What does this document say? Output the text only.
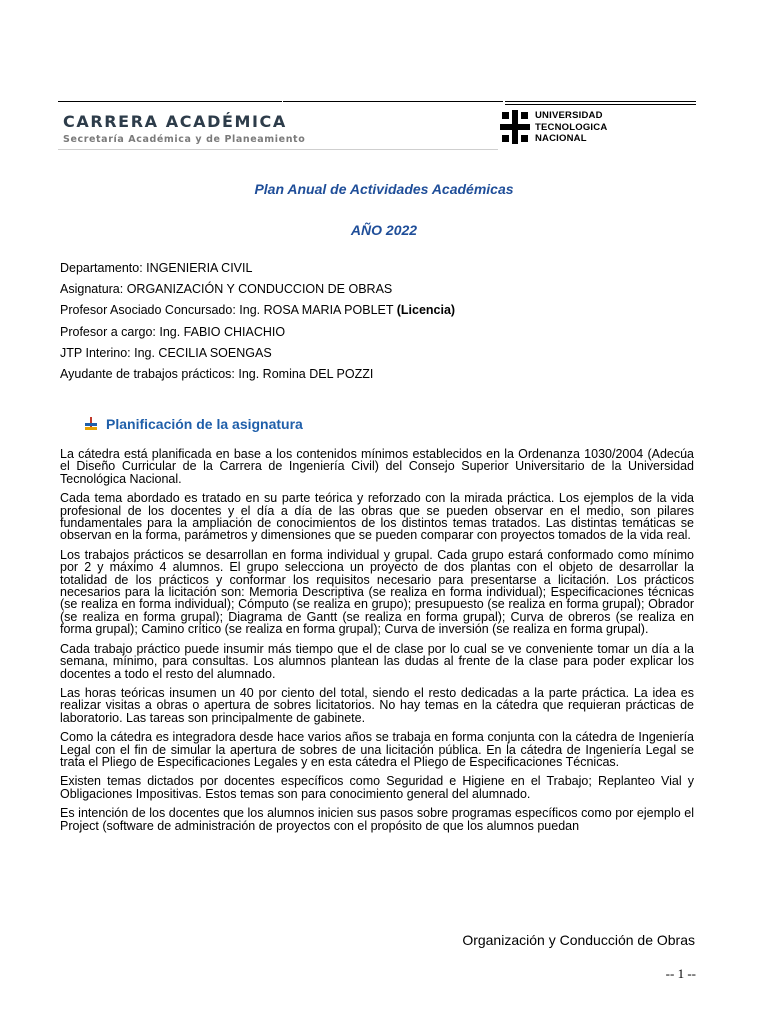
CARRERA ACADÉMICA
Secretaría Académica y de Planeamiento
UNIVERSIDAD
TECNOLOGICA
NACIONAL
Plan Anual de Actividades Académicas
AÑO 2022
Departamento: INGENIERIA CIVIL
Asignatura: ORGANIZACIÓN Y CONDUCCION DE OBRAS
Profesor Asociado Concursado: Ing. ROSA MARIA POBLET (Licencia)
Profesor a cargo: Ing. FABIO CHIACHIO
JTP Interino: Ing. CECILIA SOENGAS
Ayudante de trabajos prácticos: Ing. Romina DEL POZZI
Planificación de la asignatura

La cátedra está planificada en base a los contenidos mínimos establecidos en la Ordenanza 1030/2004 (Adecúa el Diseño Curricular de la Carrera de Ingeniería Civil) del Consejo Superior Universitario de la Universidad Tecnológica Nacional.

Cada tema abordado es tratado en su parte teórica y reforzado con la mirada práctica. Los ejemplos de la vida profesional de los docentes y el día a día de las obras que se pueden observar en el medio, son pilares fundamentales para la ampliación de conocimientos de los distintos temas tratados. Las distintas temáticas se observan en la forma, parámetros y dimensiones que se pueden comparar con proyectos tomados de la vida real.

Los trabajos prácticos se desarrollan en forma individual y grupal. Cada grupo estará conformado como mínimo por 2 y máximo 4 alumnos. El grupo selecciona un proyecto de dos plantas con el objeto de desarrollar la totalidad de los prácticos y conformar los requisitos necesario para presentarse a licitación. Los prácticos necesarios para la licitación son: Memoria Descriptiva (se realiza en forma individual); Especificaciones técnicas (se realiza en forma individual); Cómputo (se realiza en grupo); presupuesto (se realiza en forma grupal); Obrador (se realiza en forma grupal); Diagrama de Gantt (se realiza en forma grupal); Curva de obreros (se realiza en forma grupal); Camino crítico (se realiza en forma grupal); Curva de inversión (se realiza en forma grupal).

Cada trabajo práctico puede insumir más tiempo que el de clase por lo cual se ve conveniente tomar un día a la semana, mínimo, para consultas. Los alumnos plantean las dudas al frente de la clase para poder explicar los docentes a todo el resto del alumnado.

Las horas teóricas insumen un 40 por ciento del total, siendo el resto dedicadas a la parte práctica. La idea es realizar visitas a obras o apertura de sobres licitatorios. No hay temas en la cátedra que requieran prácticas de laboratorio. Las tareas son principalmente de gabinete.

Como la cátedra es integradora desde hace varios años se trabaja en forma conjunta con la cátedra de Ingeniería Legal con el fin de simular la apertura de sobres de una licitación pública. En la cátedra de Ingeniería Legal se trata el Pliego de Especificaciones Legales y en esta cátedra el Pliego de Especificaciones Técnicas.

Existen temas dictados por docentes específicos como Seguridad e Higiene en el Trabajo; Replanteo Vial y Obligaciones Impositivas. Estos temas son para conocimiento general del alumnado.

Es intención de los docentes que los alumnos inicien sus pasos sobre programas específicos como por ejemplo el Project (software de administración de proyectos con el propósito de que los alumnos puedan

Organización y Conducción de Obras
-- 1 --
